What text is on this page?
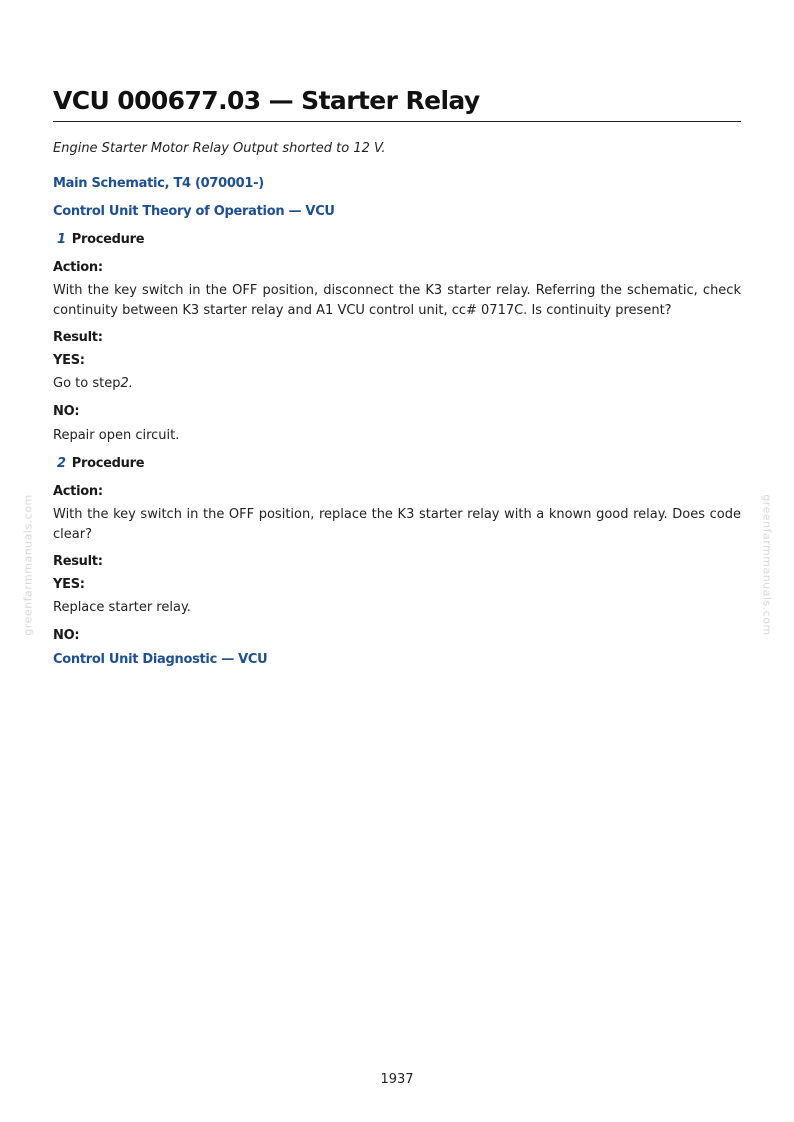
VCU 000677.03 — Starter Relay

Engine Starter Motor Relay Output shorted to 12 V.

Main Schematic, T4 (070001-)
Control Unit Theory of Operation — VCU

1 Procedure

Action:

With the key switch in the OFF position, disconnect the K3 starter relay. Referring the schematic, check continuity between K3 starter relay and A1 VCU control unit, cc# 0717C. Is continuity present?

Result:

YES:

Go to step2.

NO:

Repair open circuit.

2 Procedure

Action:

With the key switch in the OFF position, replace the K3 starter relay with a known good relay. Does code clear?

Result:

YES:

Replace starter relay.

NO:

Control Unit Diagnostic — VCU
greenfarmmanuals.com	greenfarmmanuals.com
1937
